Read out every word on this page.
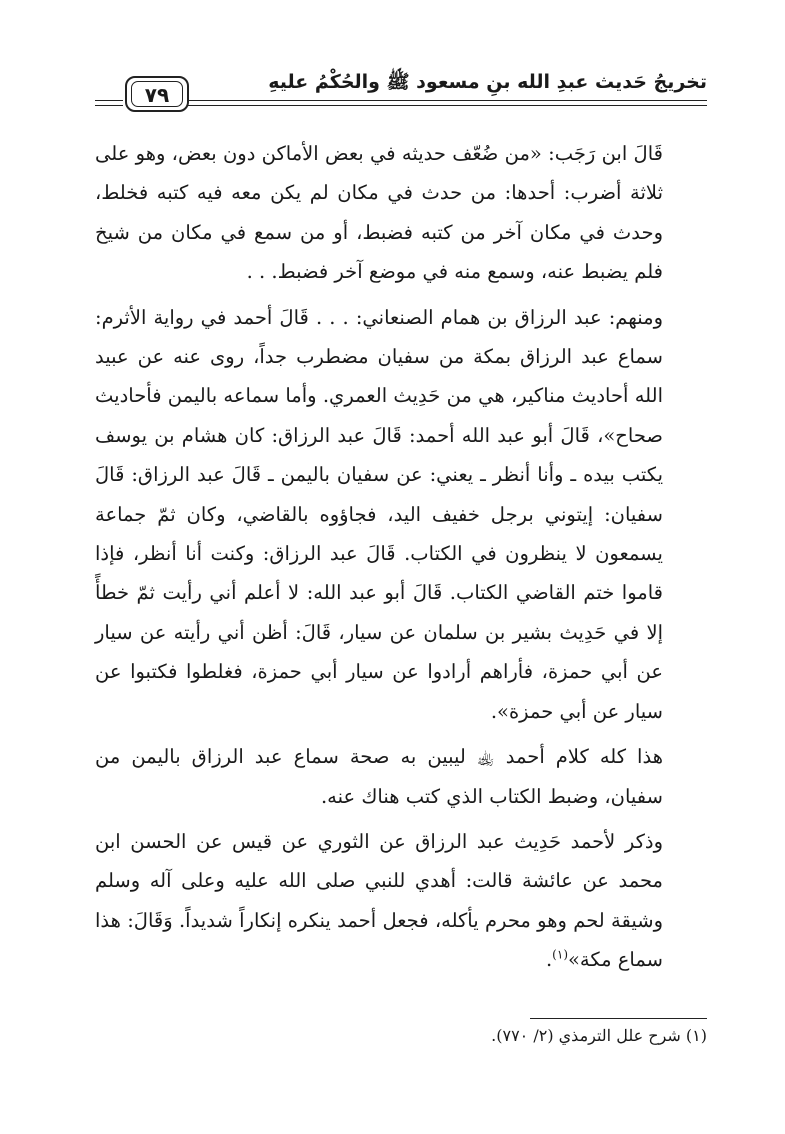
تخريجُ حَديث عبدِ الله بنِ مسعود ﷺ والحُكْمُ عليهِ
٧٩

قَالَ ابن رَجَب: «من ضُعّف حديثه في بعض الأماكن دون بعض، وهو على ثلاثة أضرب: أحدها: من حدث في مكان لم يكن معه فيه كتبه فخلط، وحدث في مكان آخر من كتبه فضبط، أو من سمع في مكان من شيخ فلم يضبط عنه، وسمع منه في موضع آخر فضبط. . .

ومنهم: عبد الرزاق بن همام الصنعاني: . . . قَالَ أحمد في رواية الأثرم: سماع عبد الرزاق بمكة من سفيان مضطرب جداً، روى عنه عن عبيد الله أحاديث مناكير، هي من حَدِيث العمري. وأما سماعه باليمن فأحاديث صحاح»، قَالَ أبو عبد الله أحمد: قَالَ عبد الرزاق: كان هشام بن يوسف يكتب بيده ـ وأنا أنظر ـ يعني: عن سفيان باليمن ـ قَالَ عبد الرزاق: قَالَ سفيان: إيتوني برجل خفيف اليد، فجاؤوه بالقاضي، وكان ثمّ جماعة يسمعون لا ينظرون في الكتاب. قَالَ عبد الرزاق: وكنت أنا أنظر، فإذا قاموا ختم القاضي الكتاب. قَالَ أبو عبد الله: لا أعلم أني رأيت ثمّ خطأً إلا في حَدِيث بشير بن سلمان عن سيار، قَالَ: أظن أني رأيته عن سيار عن أبي حمزة، فأراهم أرادوا عن سيار أبي حمزة، فغلطوا فكتبوا عن سيار عن أبي حمزة».

هذا كله كلام أحمد ﵀ ليبين به صحة سماع عبد الرزاق باليمن من سفيان، وضبط الكتاب الذي كتب هناك عنه.

وذكر لأحمد حَدِيث عبد الرزاق عن الثوري عن قيس عن الحسن ابن محمد عن عائشة قالت: أهدي للنبي صلى الله عليه وعلى آله وسلم وشيقة لحم وهو محرم يأكله، فجعل أحمد ينكره إنكاراً شديداً. وَقَالَ: هذا سماع مكة»$^{(١)}$.

(١) شرح علل الترمذي (٢/ ٧٧٠).
